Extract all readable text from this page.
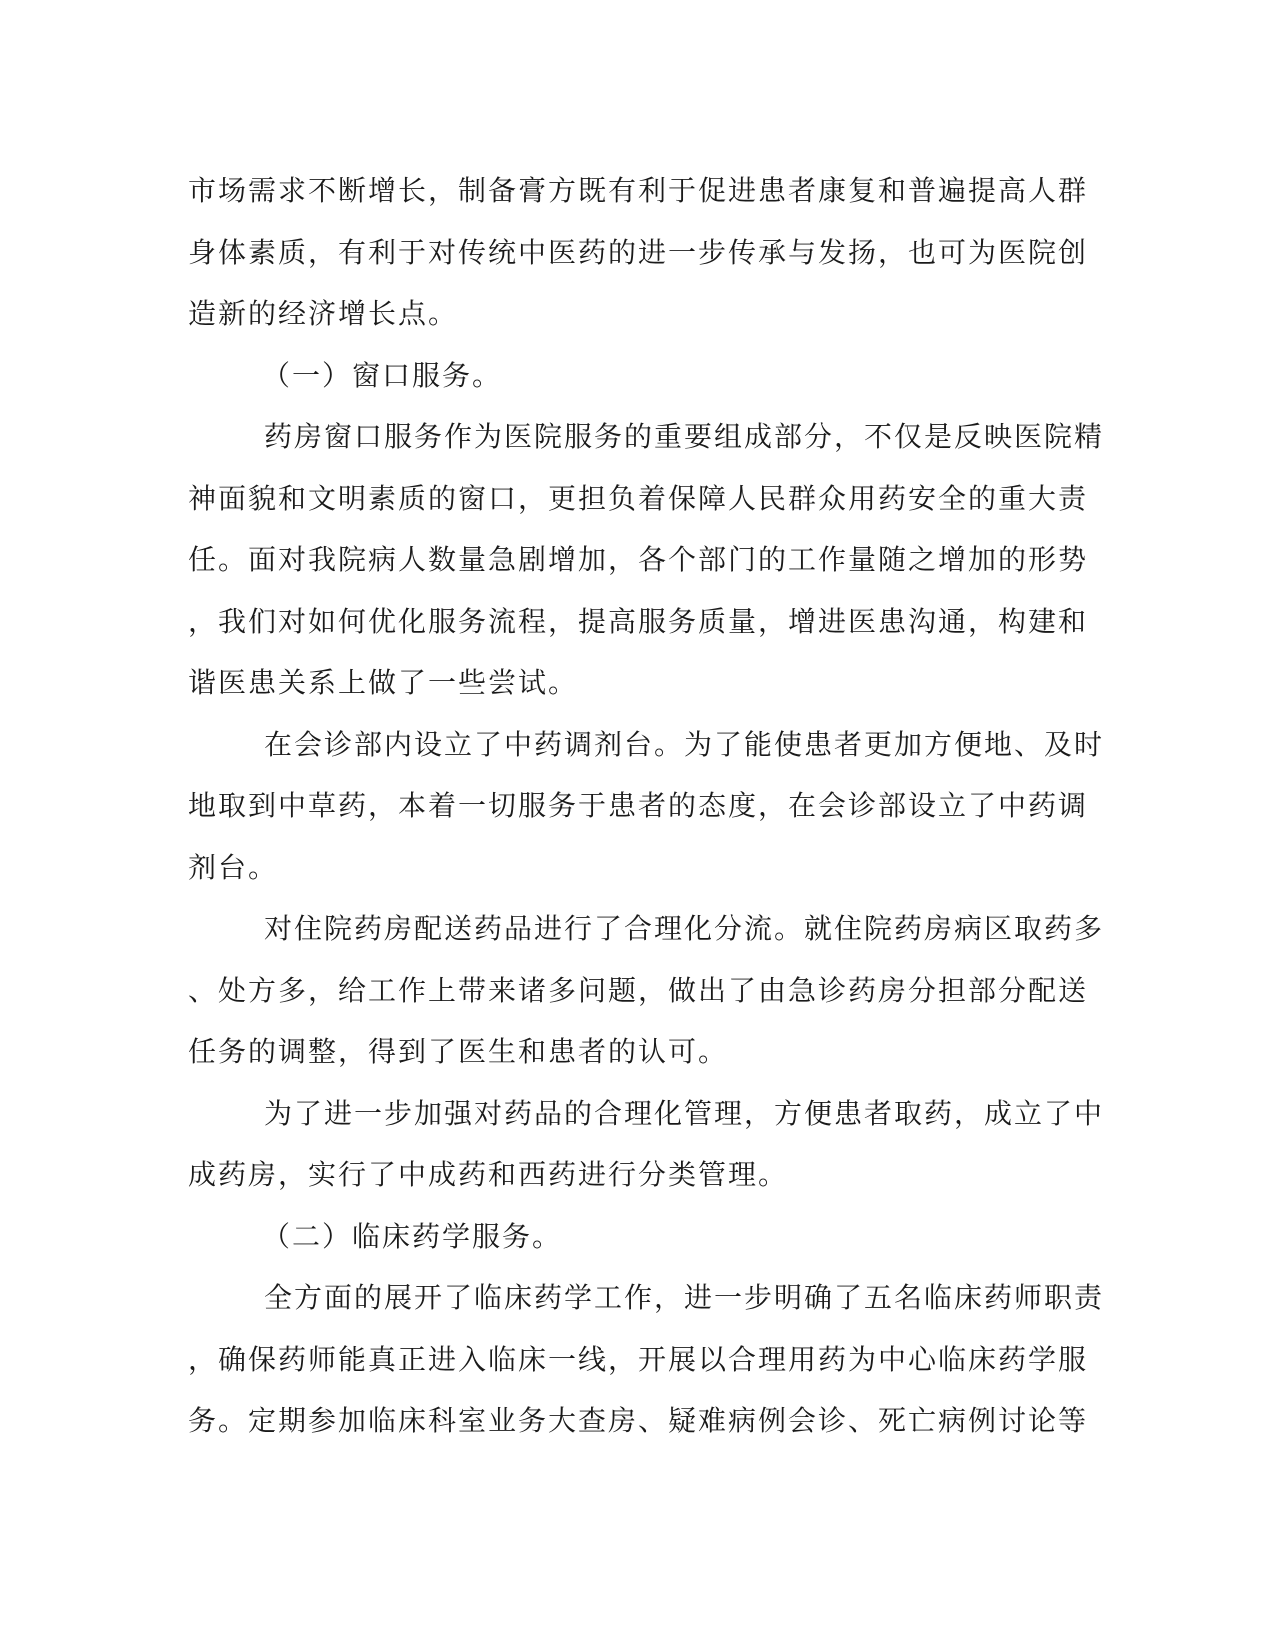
市场需求不断增长，制备膏方既有利于促进患者康复和普遍提高人群
身体素质，有利于对传统中医药的进一步传承与发扬，也可为医院创
造新的经济增长点。
（一）窗口服务。
药房窗口服务作为医院服务的重要组成部分，不仅是反映医院精
神面貌和文明素质的窗口，更担负着保障人民群众用药安全的重大责
任。面对我院病人数量急剧增加，各个部门的工作量随之增加的形势
，我们对如何优化服务流程，提高服务质量，增进医患沟通，构建和
谐医患关系上做了一些尝试。
在会诊部内设立了中药调剂台。为了能使患者更加方便地、及时
地取到中草药，本着一切服务于患者的态度，在会诊部设立了中药调
剂台。
对住院药房配送药品进行了合理化分流。就住院药房病区取药多
、处方多，给工作上带来诸多问题，做出了由急诊药房分担部分配送
任务的调整，得到了医生和患者的认可。
为了进一步加强对药品的合理化管理，方便患者取药，成立了中
成药房，实行了中成药和西药进行分类管理。
（二）临床药学服务。
全方面的展开了临床药学工作，进一步明确了五名临床药师职责
，确保药师能真正进入临床一线，开展以合理用药为中心临床药学服
务。定期参加临床科室业务大查房、疑难病例会诊、死亡病例讨论等
